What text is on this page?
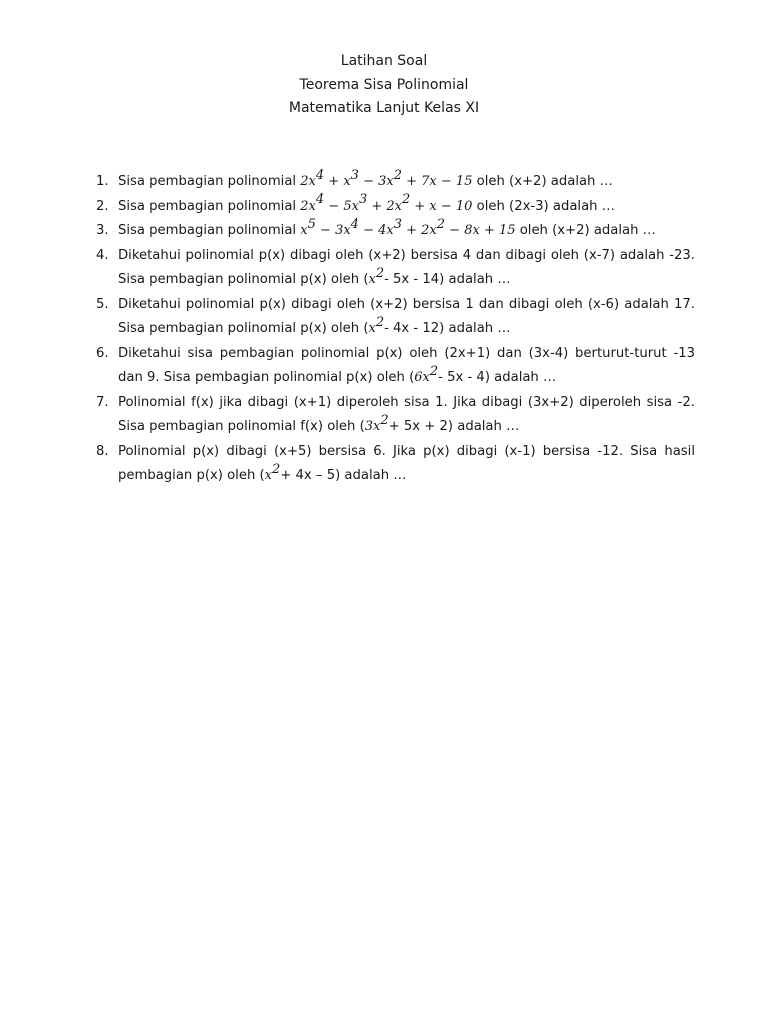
Latihan Soal
Teorema Sisa Polinomial
Matematika Lanjut Kelas XI
1. Sisa pembagian polinomial $2x^4 + x^3 - 3x^2 + 7x - 15$ oleh (x+2) adalah …
2. Sisa pembagian polinomial $2x^4 - 5x^3 + 2x^2 + x - 10$ oleh (2x-3) adalah …
3. Sisa pembagian polinomial $x^5 - 3x^4 - 4x^3 + 2x^2 - 8x + 15$ oleh (x+2) adalah …
4. Diketahui polinomial p(x) dibagi oleh (x+2) bersisa 4 dan dibagi oleh (x-7) adalah -23. Sisa pembagian polinomial p(x) oleh ($x^2-$ 5x - 14) adalah …
5. Diketahui polinomial p(x) dibagi oleh (x+2) bersisa 1 dan dibagi oleh (x-6) adalah 17. Sisa pembagian polinomial p(x) oleh ($x^2-$ 4x - 12) adalah …
6. Diketahui sisa pembagian polinomial p(x) oleh (2x+1) dan (3x-4) berturut-turut -13 dan 9. Sisa pembagian polinomial p(x) oleh ($6x^2-$ 5x - 4) adalah …
7. Polinomial f(x) jika dibagi (x+1) diperoleh sisa 1. Jika dibagi (3x+2) diperoleh sisa -2. Sisa pembagian polinomial f(x) oleh $(3x^2+ 5x + 2)$ adalah …
8. Polinomial p(x) dibagi (x+5) bersisa 6. Jika p(x) dibagi (x-1) bersisa -12. Sisa hasil pembagian p(x) oleh $(x^2+ 4x - 5)$ adalah …
